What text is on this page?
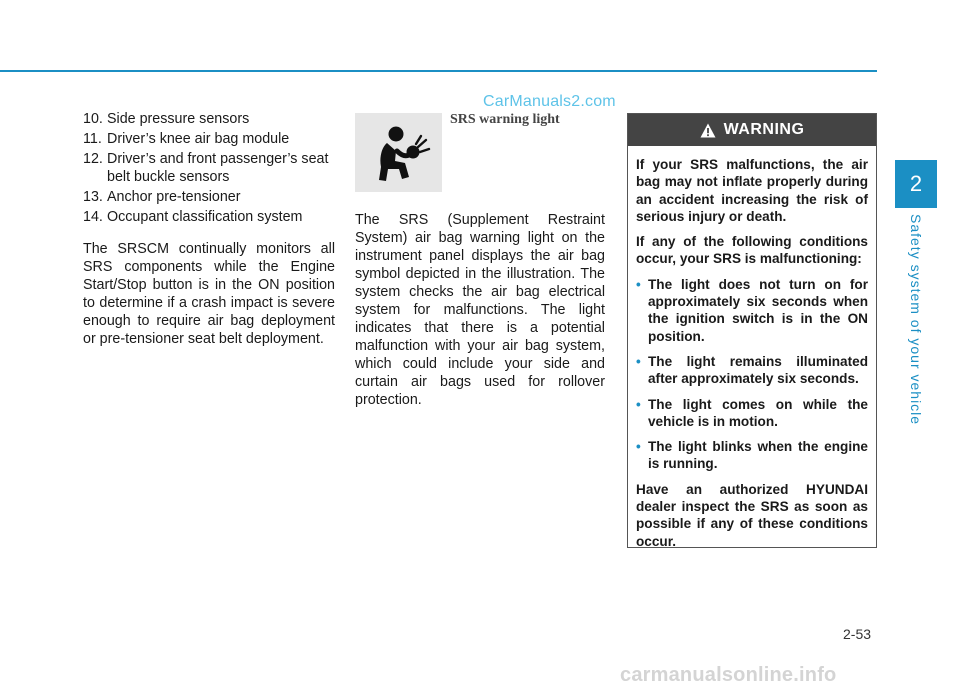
CarManuals2.com
10. Side pressure sensors
11. Driver’s knee air bag module
12. Driver’s and front passenger’s seat belt buckle sensors
13. Anchor pre-tensioner
14. Occupant classification system

The SRSCM continually monitors all SRS components while the Engine Start/Stop button is in the ON position to determine if a crash impact is severe enough to require air bag deployment or pre-tensioner seat belt deployment.

SRS warning light
The SRS (Supplement Restraint System) air bag warning light on the instrument panel displays the air bag symbol depicted in the illustration. The system checks the air bag electrical system for malfunctions. The light indicates that there is a potential malfunction with your air bag system, which could include your side and curtain air bags used for rollover protection.
WARNING

If your SRS malfunctions, the air bag may not inflate properly during an accident increasing the risk of serious injury or death.

If any of the following conditions occur, your SRS is malfunctioning:

• The light does not turn on for approximately six seconds when the ignition switch is in the ON position.
• The light remains illuminated after approximately six seconds.
• The light comes on while the vehicle is in motion.
• The light blinks when the engine is running.

Have an authorized HYUNDAI dealer inspect the SRS as soon as possible if any of these conditions occur.

2
Safety system of your vehicle
2-53
carmanualsonline.info
